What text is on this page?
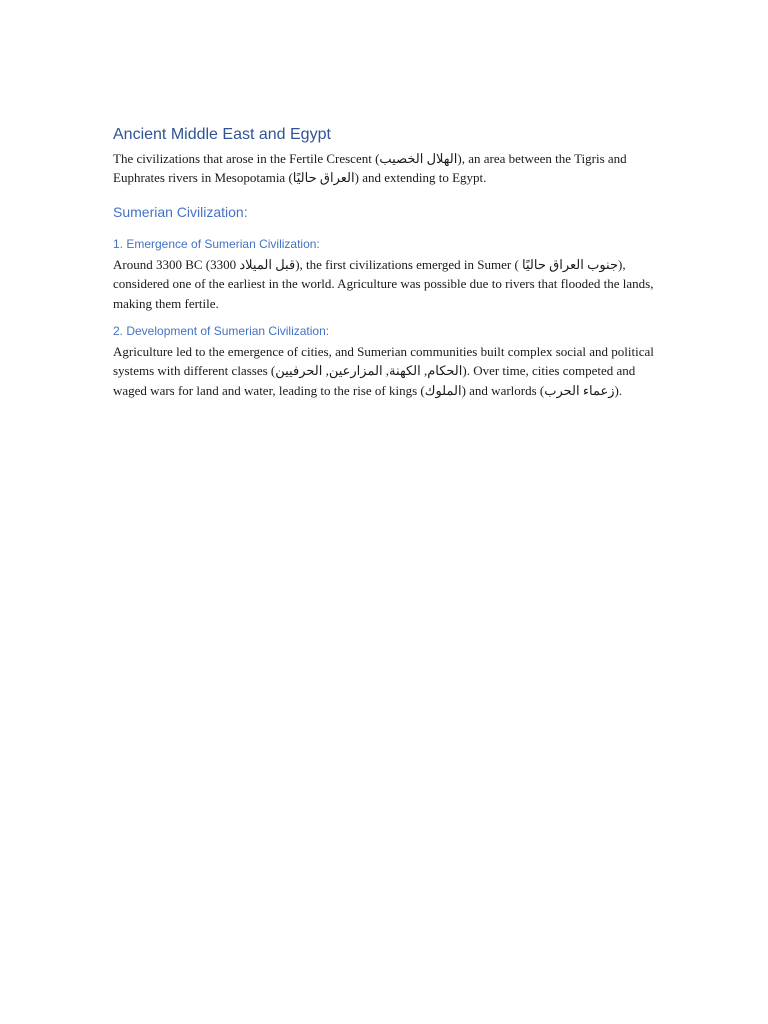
Ancient Middle East and Egypt

The civilizations that arose in the Fertile Crescent (الهلال الخصيب), an area between the Tigris and Euphrates rivers in Mesopotamia (العراق حاليًا) and extending to Egypt.

Sumerian Civilization:
1. Emergence of Sumerian Civilization:

Around 3300 BC (3300 قبل الميلاد), the first civilizations emerged in Sumer ( جنوب العراق حاليًا), considered one of the earliest in the world. Agriculture was possible due to rivers that flooded the lands, making them fertile.

2. Development of Sumerian Civilization:

Agriculture led to the emergence of cities, and Sumerian communities built complex social and political systems with different classes (الحكام, الكهنة, المزارعين, الحرفيين). Over time, cities competed and waged wars for land and water, leading to the rise of kings (الملوك) and warlords (زعماء الحرب).
